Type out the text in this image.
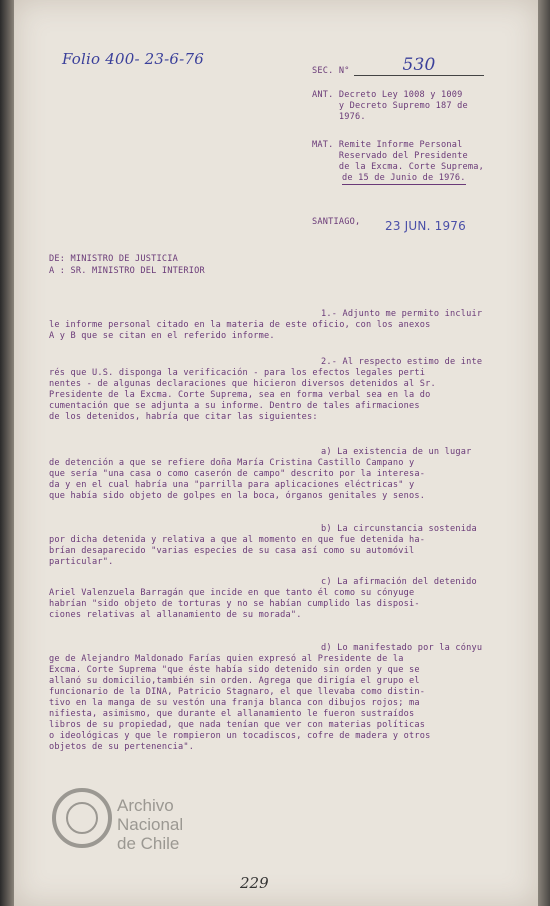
Folio 400- 23-6-76
SEC. N°	530
ANT. Decreto Ley 1008 y 1009
y Decreto Supremo 187 de
1976.
MAT. Remite Informe Personal
Reservado del Presidente
de la Excma. Corte Suprema,
de 15 de Junio de 1976.
SANTIAGO, 23 JUN. 1976
DE: MINISTRO DE JUSTICIA
A : SR. MINISTRO DEL INTERIOR
1.- Adjunto me permito incluir
le informe personal citado en la materia de este oficio, con los anexos
A y B que se citan en el referido informe.
2.- Al respecto estimo de inte
rés que U.S. disponga la verificación - para los efectos legales perti
nentes - de algunas declaraciones que hicieron diversos detenidos al Sr.
Presidente de la Excma. Corte Suprema, sea en forma verbal sea en la do
cumentación que se adjunta a su informe. Dentro de tales afirmaciones
de los detenidos, habría que citar las siguientes:
a) La existencia de un lugar
de detención a que se refiere doña María Cristina Castillo Campano y
que sería "una casa o como caserón de campo" descrito por la interesa-
da y en el cual habría una "parrilla para aplicaciones eléctricas" y
que había sido objeto de golpes en la boca, órganos genitales y senos.
b) La circunstancia sostenida
por dicha detenida y relativa a que al momento en que fue detenida ha-
brían desaparecido "varias especies de su casa así como su automóvil
particular".
c) La afirmación del detenido
Ariel Valenzuela Barragán que incide en que tanto él como su cónyuge
habrían "sido objeto de torturas y no se habían cumplido las disposi-
ciones relativas al allanamiento de su morada".
d) Lo manifestado por la cónyu
ge de Alejandro Maldonado Farías quien expresó al Presidente de la
Excma. Corte Suprema "que éste había sido detenido sin orden y que se
allanó su domicilio,también sin orden. Agrega que dirigía el grupo el
funcionario de la DINA, Patricio Stagnaro, el que llevaba como distin-
tivo en la manga de su vestón una franja blanca con dibujos rojos; ma
nifiesta, asimismo, que durante el allanamiento le fueron sustraídos
libros de su propiedad, que nada tenían que ver con materias políticas
o ideológicas y que le rompieron un tocadiscos, cofre de madera y otros
objetos de su pertenencia".
Archivo
Nacional
de Chile
229
